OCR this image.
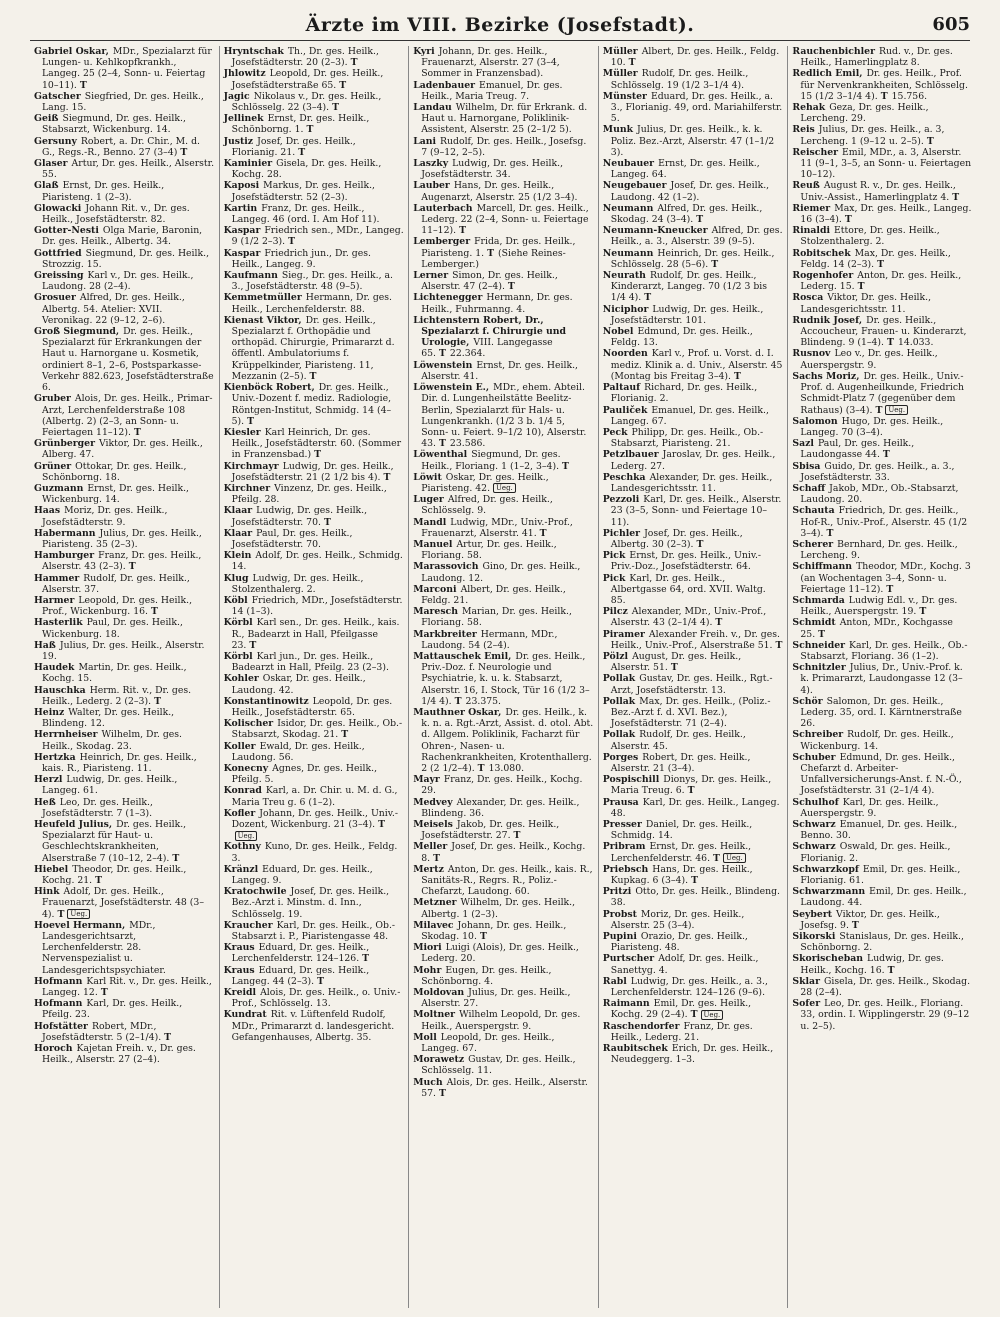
Ärzte im VIII. Bezirke (Josefstadt).	605

Gabriel Oskar, MDr., Spezialarzt für Lungen- u. Kehlkopfkrankh., Langeg. 25 (2–4, Sonn- u. Feiertag 10–11). T

Gatscher Siegfried, Dr. ges. Heilk., Lang. 15.

Geiß Siegmund, Dr. ges. Heilk., Stabsarzt, Wickenburg. 14.

Gersuny Robert, a. Dr. Chir., M. d. G., Regs.-R., Benno. 27 (3–4) T

Glaser Artur, Dr. ges. Heilk., Alserstr. 55.

Glaß Ernst, Dr. ges. Heilk., Piaristeng. 1 (2–3).

Glowacki Johann Rit. v., Dr. ges. Heilk., Josefstädterstr. 82.

Gotter-Nesti Olga Marie, Baronin, Dr. ges. Heilk., Albertg. 34.

Gottfried Siegmund, Dr. ges. Heilk., Strozzig. 15.

Greissing Karl v., Dr. ges. Heilk., Laudong. 28 (2–4).

Grosuer Alfred, Dr. ges. Heilk., Albertg. 54. Atelier: XVII. Veronikag. 22 (9–12, 2–6).

Groß Siegmund, Dr. ges. Heilk., Spezialarzt für Erkrankungen der Haut u. Harnorgane u. Kosmetik, ordiniert 8–1, 2–6, Postsparkasse-Verkehr 882.623, Josefstädterstraße 6.

Gruber Alois, Dr. ges. Heilk., Primar-Arzt, Lerchenfelderstraße 108 (Albertg. 2) (2–3, an Sonn- u. Feiertagen 11–12). T

Grünberger Viktor, Dr. ges. Heilk., Alberg. 47.

Grüner Ottokar, Dr. ges. Heilk., Schönborng. 18.

Guzmann Ernst, Dr. ges. Heilk., Wickenburg. 14.

Haas Moriz, Dr. ges. Heilk., Josefstädterstr. 9.

Habermann Julius, Dr. ges. Heilk., Piaristeng. 35 (2–3).

Hamburger Franz, Dr. ges. Heilk., Alserstr. 43 (2–3). T

Hammer Rudolf, Dr. ges. Heilk., Alserstr. 37.

Harmer Leopold, Dr. ges. Heilk., Prof., Wickenburg. 16. T

Hasterlik Paul, Dr. ges. Heilk., Wickenburg. 18.

Haß Julius, Dr. ges. Heilk., Alserstr. 19.

Haudek Martin, Dr. ges. Heilk., Kochg. 15.

Hauschka Herm. Rit. v., Dr. ges. Heilk., Lederg. 2 (2–3). T

Heinz Walter, Dr. ges. Heilk., Blindeng. 12.

Herrnheiser Wilhelm, Dr. ges. Heilk., Skodag. 23.

Hertzka Heinrich, Dr. ges. Heilk., kais. R., Piaristeng. 11.

Herzl Ludwig, Dr. ges. Heilk., Langeg. 61.

Heß Leo, Dr. ges. Heilk., Josefstädterstr. 7 (1–3).

Heufeld Julius, Dr. ges. Heilk., Spezialarzt für Haut- u. Geschlechtskrankheiten, Alserstraße 7 (10–12, 2–4). T

Hiebel Theodor, Dr. ges. Heilk., Kochg. 21. T

Hink Adolf, Dr. ges. Heilk., Frauenarzt, Josefstädterstr. 48 (3–4). T Ueg.

Hoevel Hermann, MDr., Landesgerichtsarzt, Lerchenfelderstr. 28. Nervenspezialist u. Landesgerichtspsychiater.

Hofmann Karl Rit. v., Dr. ges. Heilk., Langeg. 12. T

Hofmann Karl, Dr. ges. Heilk., Pfeilg. 23.

Hofstätter Robert, MDr., Josefstädterstr. 5 (2–1/4). T

Horoch Kajetan Freih. v., Dr. ges. Heilk., Alserstr. 27 (2–4).

Hryntschak Th., Dr. ges. Heilk., Josefstädterstr. 20 (2–3). T

Jhlowitz Leopold, Dr. ges. Heilk., Josefstädterstraße 65. T

Jagic Nikolaus v., Dr. ges. Heilk., Schlösselg. 22 (3–4). T

Jellinek Ernst, Dr. ges. Heilk., Schönborng. 1. T

Justiz Josef, Dr. ges. Heilk., Florianig. 21. T

Kaminier Gisela, Dr. ges. Heilk., Kochg. 28.

Kaposi Markus, Dr. ges. Heilk., Josefstädterstr. 52 (2–3).

Kartin Franz, Dr. ges. Heilk., Langeg. 46 (ord. I. Am Hof 11).

Kaspar Friedrich sen., MDr., Langeg. 9 (1/2 2–3). T

Kaspar Friedrich jun., Dr. ges. Heilk., Langeg. 9.

Kaufmann Sieg., Dr. ges. Heilk., a. 3., Josefstädterstr. 48 (9–5).

Kemmetmüller Hermann, Dr. ges. Heilk., Lerchenfelderstr. 88.

Kienast Viktor, Dr. ges. Heilk., Spezialarzt f. Orthopädie und orthopäd. Chirurgie, Primararzt d. öffentl. Ambulatoriums f. Krüppelkinder, Piaristeng. 11, Mezzanin (2–5). T

Kienböck Robert, Dr. ges. Heilk., Univ.-Dozent f. mediz. Radiologie, Röntgen-Institut, Schmidg. 14 (4–5). T

Kiesler Karl Heinrich, Dr. ges. Heilk., Josefstädterstr. 60. (Sommer in Franzensbad.) T

Kirchmayr Ludwig, Dr. ges. Heilk., Josefstädterstr. 21 (2 1/2 bis 4). T

Kirchner Vinzenz, Dr. ges. Heilk., Pfeilg. 28.

Klaar Ludwig, Dr. ges. Heilk., Josefstädterstr. 70. T

Klaar Paul, Dr. ges. Heilk., Josefstädterstr. 70.

Klein Adolf, Dr. ges. Heilk., Schmidg. 14.

Klug Ludwig, Dr. ges. Heilk., Stolzenthalerg. 2.

Köbl Friedrich, MDr., Josefstädterstr. 14 (1–3).

Körbl Karl sen., Dr. ges. Heilk., kais. R., Badearzt in Hall, Pfeilgasse 23. T

Körbl Karl jun., Dr. ges. Heilk., Badearzt in Hall, Pfeilg. 23 (2–3).

Kohler Oskar, Dr. ges. Heilk., Laudong. 42.

Konstantinowitz Leopold, Dr. ges. Heilk., Josefstädterstr. 65.

Kolischer Isidor, Dr. ges. Heilk., Ob.-Stabsarzt, Skodag. 21. T

Koller Ewald, Dr. ges. Heilk., Laudong. 56.

Konecny Agnes, Dr. ges. Heilk., Pfeilg. 5.

Konrad Karl, a. Dr. Chir. u. M. d. G., Maria Treu g. 6 (1–2).

Kofler Johann, Dr. ges. Heilk., Univ.-Dozent, Wickenburg. 21 (3–4). TUeg.

Kothny Kuno, Dr. ges. Heilk., Feldg. 3.

Kränzl Eduard, Dr. ges. Heilk., Langeg. 9.

Kratochwile Josef, Dr. ges. Heilk., Bez.-Arzt i. Minstm. d. Inn., Schlösselg. 19.

Kraucher Karl, Dr. ges. Heilk., Ob.-Stabsarzt i. P., Piaristengasse 48.

Kraus Eduard, Dr. ges. Heilk., Lerchenfelderstr. 124–126. T

Kraus Eduard, Dr. ges. Heilk., Langeg. 44 (2–3). T

Kreidl Alois, Dr. ges. Heilk., o. Univ.-Prof., Schlösselg. 13.

Kundrat Rit. v. Lüftenfeld Rudolf, MDr., Primararzt d. landesgericht. Gefangenhauses, Albertg. 35.

Kyri Johann, Dr. ges. Heilk., Frauenarzt, Alserstr. 27 (3–4, Sommer in Franzensbad).

Ladenbauer Emanuel, Dr. ges. Heilk., Maria Treug. 7.

Landau Wilhelm, Dr. für Erkrank. d. Haut u. Harnorgane, Poliklinik-Assistent, Alserstr. 25 (2–1/2 5).

Lani Rudolf, Dr. ges. Heilk., Josefsg. 7 (9–12, 2–5).

Laszky Ludwig, Dr. ges. Heilk., Josefstädterstr. 34.

Lauber Hans, Dr. ges. Heilk., Augenarzt, Alserstr. 25 (1/2 3–4).

Lauterbach Marcell, Dr. ges. Heilk., Lederg. 22 (2–4, Sonn- u. Feiertage 11–12). T

Lemberger Frida, Dr. ges. Heilk., Piaristeng. 1. T (Siehe Reines-Lemberger.)

Lerner Simon, Dr. ges. Heilk., Alserstr. 47 (2–4). T

Lichtenegger Hermann, Dr. ges. Heilk., Fuhrmanng. 4.

Lichtenstern Robert, Dr., Spezialarzt f. Chirurgie und Urologie, VIII. Langegasse 65. T 22.364.

Löwenstein Ernst, Dr. ges. Heilk., Alserstr. 41.

Löwenstein E., MDr., ehem. Abteil. Dir. d. Lungenheilstätte Beelitz-Berlin, Spezialarzt für Hals- u. Lungenkrankh. (1/2 3 b. 1/4 5, Sonn- u. Feiert. 9–1/2 10), Alserstr. 43. T 23.586.

Löwenthal Siegmund, Dr. ges. Heilk., Floriang. 1 (1–2, 3–4). T

Löwit Oskar, Dr. ges. Heilk., Piaristeng. 42. Ueg.

Luger Alfred, Dr. ges. Heilk., Schlösselg. 9.

Mandl Ludwig, MDr., Univ.-Prof., Frauenarzt, Alserstr. 41. T

Manuel Artur, Dr. ges. Heilk., Floriang. 58.

Marassovich Gino, Dr. ges. Heilk., Laudong. 12.

Marconi Albert, Dr. ges. Heilk., Feldg. 21.

Maresch Marian, Dr. ges. Heilk., Floriang. 58.

Markbreiter Hermann, MDr., Laudong. 54 (2–4).

Mattauschek Emil, Dr. ges. Heilk., Priv.-Doz. f. Neurologie und Psychiatrie, k. u. k. Stabsarzt, Alserstr. 16, I. Stock, Tür 16 (1/2 3–1/4 4). T 23.375.

Mauthner Oskar, Dr. ges. Heilk., k. k. n. a. Rgt.-Arzt, Assist. d. otol. Abt. d. Allgem. Poliklinik, Facharzt für Ohren-, Nasen- u. Rachenkrankheiten, Krotenthallerg. 2 (2 1/2–4). T 13.080.

Mayr Franz, Dr. ges. Heilk., Kochg. 29.

Medvey Alexander, Dr. ges. Heilk., Blindeng. 36.

Meisels Jakob, Dr. ges. Heilk., Josefstädterstr. 27. T

Meller Josef, Dr. ges. Heilk., Kochg. 8. T

Mertz Anton, Dr. ges. Heilk., kais. R., Sanitäts-R., Regrs. R., Poliz.-Chefarzt, Laudong. 60.

Metzner Wilhelm, Dr. ges. Heilk., Albertg. 1 (2–3).

Milavec Johann, Dr. ges. Heilk., Skodag. 10. T

Miori Luigi (Alois), Dr. ges. Heilk., Lederg. 20.

Mohr Eugen, Dr. ges. Heilk., Schönborng. 4.

Moldovan Julius, Dr. ges. Heilk., Alserstr. 27.

Moltner Wilhelm Leopold, Dr. ges. Heilk., Auerspergstr. 9.

Moll Leopold, Dr. ges. Heilk., Langeg. 67.

Morawetz Gustav, Dr. ges. Heilk., Schlösselg. 11.

Much Alois, Dr. ges. Heilk., Alserstr. 57. T

Müller Albert, Dr. ges. Heilk., Feldg. 10. T

Müller Rudolf, Dr. ges. Heilk., Schlösselg. 19 (1/2 3–1/4 4).

Münster Eduard, Dr. ges. Heilk., a. 3., Florianig. 49, ord. Mariahilferstr. 5.

Munk Julius, Dr. ges. Heilk., k. k. Poliz. Bez.-Arzt, Alserstr. 47 (1–1/2 3).

Neubauer Ernst, Dr. ges. Heilk., Langeg. 64.

Neugebauer Josef, Dr. ges. Heilk., Laudong. 42 (1–2).

Neumann Alfred, Dr. ges. Heilk., Skodag. 24 (3–4). T

Neumann-Kneucker Alfred, Dr. ges. Heilk., a. 3., Alserstr. 39 (9–5).

Neumann Heinrich, Dr. ges. Heilk., Schlösselg. 28 (5–6). T

Neurath Rudolf, Dr. ges. Heilk., Kinderarzt, Langeg. 70 (1/2 3 bis 1/4 4). T

Niciphor Ludwig, Dr. ges. Heilk., Josefstädterstr. 101.

Nobel Edmund, Dr. ges. Heilk., Feldg. 13.

Noorden Karl v., Prof. u. Vorst. d. I. mediz. Klinik a. d. Univ., Alserstr. 45 (Montag bis Freitag 3–4). T

Paltauf Richard, Dr. ges. Heilk., Florianig. 2.

Pauliček Emanuel, Dr. ges. Heilk., Langeg. 67.

Peck Philipp, Dr. ges. Heilk., Ob.-Stabsarzt, Piaristeng. 21.

Petzlbauer Jaroslav, Dr. ges. Heilk., Lederg. 27.

Peschka Alexander, Dr. ges. Heilk., Landesgerichtsstr. 11.

Pezzoli Karl, Dr. ges. Heilk., Alserstr. 23 (3–5, Sonn- und Feiertage 10–11).

Pichler Josef, Dr. ges. Heilk., Albertg. 30 (2–3). T

Pick Ernst, Dr. ges. Heilk., Univ.-Priv.-Doz., Josefstädterstr. 64.

Pick Karl, Dr. ges. Heilk., Albertgasse 64, ord. XVII. Waltg. 85.

Pilcz Alexander, MDr., Univ.-Prof., Alserstr. 43 (2–1/4 4). T

Piramer Alexander Freih. v., Dr. ges. Heilk., Univ.-Prof., Alserstraße 51. T

Pölzl August, Dr. ges. Heilk., Alserstr. 51. T

Pollak Gustav, Dr. ges. Heilk., Rgt.-Arzt, Josefstädterstr. 13.

Pollak Max, Dr. ges. Heilk., (Poliz.-Bez.-Arzt f. d. XVI. Bez.), Josefstädterstr. 71 (2–4).

Pollak Rudolf, Dr. ges. Heilk., Alserstr. 45.

Porges Robert, Dr. ges. Heilk., Alserstr. 21 (3–4).

Pospischill Dionys, Dr. ges. Heilk., Maria Treug. 6. T

Prausa Karl, Dr. ges. Heilk., Langeg. 48.

Presser Daniel, Dr. ges. Heilk., Schmidg. 14.

Pribram Ernst, Dr. ges. Heilk., Lerchenfelderstr. 46. T Ueg.

Priebsch Hans, Dr. ges. Heilk., Kupkag. 6 (3–4). T

Pritzi Otto, Dr. ges. Heilk., Blindeng. 38.

Probst Moriz, Dr. ges. Heilk., Alserstr. 25 (3–4).

Pupini Orazio, Dr. ges. Heilk., Piaristeng. 48.

Purtscher Adolf, Dr. ges. Heilk., Sanettyg. 4.

Rabl Ludwig, Dr. ges. Heilk., a. 3., Lerchenfelderstr. 124–126 (9–6).

Raimann Emil, Dr. ges. Heilk., Kochg. 29 (2–4). T Ueg.

Raschendorfer Franz, Dr. ges. Heilk., Lederg. 21.

Raubitschek Erich, Dr. ges. Heilk., Neudeggerg. 1–3.

Rauchenbichler Rud. v., Dr. ges. Heilk., Hamerlingplatz 8.

Redlich Emil, Dr. ges. Heilk., Prof. für Nervenkrankheiten, Schlösselg. 15 (1/2 3–1/4 4). T 15.756.

Rehak Geza, Dr. ges. Heilk., Lercheng. 29.

Reis Julius, Dr. ges. Heilk., a. 3, Lercheng. 1 (9–12 u. 2–5). T

Reischer Emil, MDr., a. 3, Alserstr. 11 (9–1, 3–5, an Sonn- u. Feiertagen 10–12).

Reuß August R. v., Dr. ges. Heilk., Univ.-Assist., Hamerlingplatz 4. T

Riemer Max, Dr. ges. Heilk., Langeg. 16 (3–4). T

Rinaldi Ettore, Dr. ges. Heilk., Stolzenthalerg. 2.

Robitschek Max, Dr. ges. Heilk., Feldg. 14 (2–3). T

Rogenhofer Anton, Dr. ges. Heilk., Lederg. 15. T

Rosca Viktor, Dr. ges. Heilk., Landesgerichtsstr. 11.

Rudnik Josef, Dr. ges. Heilk., Accoucheur, Frauen- u. Kinderarzt, Blindeng. 9 (1–4). T 14.033.

Rusnov Leo v., Dr. ges. Heilk., Auerspergstr. 9.

Sachs Moriz, Dr. ges. Heilk., Univ.-Prof. d. Augenheilkunde, Friedrich Schmidt-Platz 7 (gegenüber dem Rathaus) (3–4). T Ueg.

Salomon Hugo, Dr. ges. Heilk., Langeg. 70 (3–4).

Sazl Paul, Dr. ges. Heilk., Laudongasse 44. T

Sbisa Guido, Dr. ges. Heilk., a. 3., Josefstädterstr. 33.

Schaff Jakob, MDr., Ob.-Stabsarzt, Laudong. 20.

Schauta Friedrich, Dr. ges. Heilk., Hof-R., Univ.-Prof., Alserstr. 45 (1/2 3–4). T

Scherer Bernhard, Dr. ges. Heilk., Lercheng. 9.

Schiffmann Theodor, MDr., Kochg. 3 (an Wochentagen 3–4, Sonn- u. Feiertage 11–12). T

Schmarda Ludwig Edl. v., Dr. ges. Heilk., Auerspergstr. 19. T

Schmidt Anton, MDr., Kochgasse 25. T

Schneider Karl, Dr. ges. Heilk., Ob.-Stabsarzt, Floriang. 36 (1–2).

Schnitzler Julius, Dr., Univ.-Prof. k. k. Primararzt, Laudongasse 12 (3–4).

Schör Salomon, Dr. ges. Heilk., Lederg. 35, ord. I. Kärntnerstraße 26.

Schreiber Rudolf, Dr. ges. Heilk., Wickenburg. 14.

Schuber Edmund, Dr. ges. Heilk., Chefarzt d. Arbeiter-Unfallversicherungs-Anst. f. N.-Ö., Josefstädterstr. 31 (2–1/4 4).

Schulhof Karl, Dr. ges. Heilk., Auerspergstr. 9.

Schwarz Emanuel, Dr. ges. Heilk., Benno. 30.

Schwarz Oswald, Dr. ges. Heilk., Florianig. 2.

Schwarzkopf Emil, Dr. ges. Heilk., Florianig. 61.

Schwarzmann Emil, Dr. ges. Heilk., Laudong. 44.

Seybert Viktor, Dr. ges. Heilk., Josefsg. 9. T

Sikorski Stanislaus, Dr. ges. Heilk., Schönborng. 2.

Skorischeban Ludwig, Dr. ges. Heilk., Kochg. 16. T

Sklar Gisela, Dr. ges. Heilk., Skodag. 28 (2–4).

Sofer Leo, Dr. ges. Heilk., Floriang. 33, ordin. I. Wipplingerstr. 29 (9–12 u. 2–5).
